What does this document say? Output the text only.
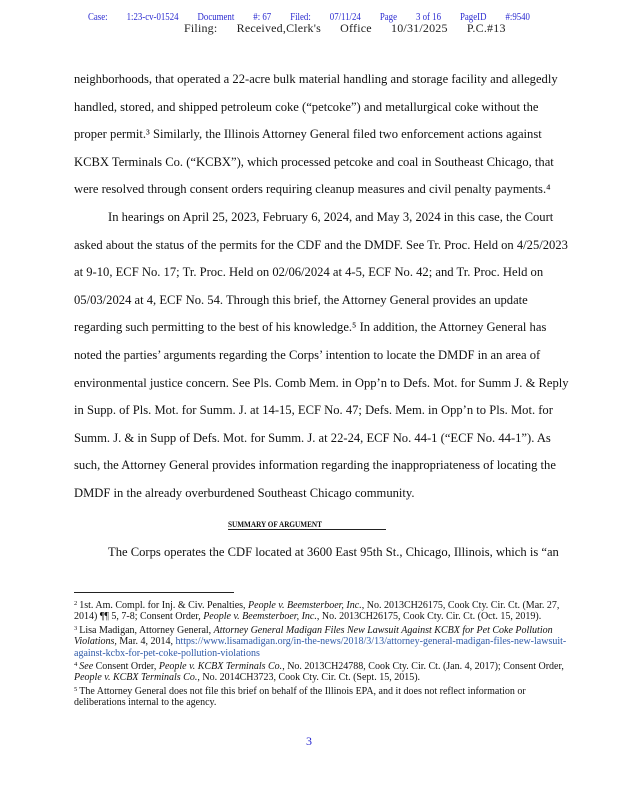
Case: 1:23-cv-01524 Document #: 67 Filed: 07/11/24 Page 3 of 16 PageID #:9540
Filing: Received,Clerk's Office 10/31/2025 P.C.#13
neighborhoods, that operated a 22-acre bulk material handling and storage facility and allegedly
handled, stored, and shipped petroleum coke (“petcoke”) and metallurgical coke without the
proper permit.³ Similarly, the Illinois Attorney General filed two enforcement actions against
KCBX Terminals Co. (“KCBX”), which processed petcoke and coal in Southeast Chicago, that
were resolved through consent orders requiring cleanup measures and civil penalty payments.⁴
In hearings on April 25, 2023, February 6, 2024, and May 3, 2024 in this case, the Court
asked about the status of the permits for the CDF and the DMDF. See Tr. Proc. Held on 4/25/2023
at 9-10, ECF No. 17; Tr. Proc. Held on 02/06/2024 at 4-5, ECF No. 42; and Tr. Proc. Held on
05/03/2024 at 4, ECF No. 54. Through this brief, the Attorney General provides an update
regarding such permitting to the best of his knowledge.⁵ In addition, the Attorney General has
noted the parties’ arguments regarding the Corps’ intention to locate the DMDF in an area of
environmental justice concern. See Pls. Comb Mem. in Opp’n to Defs. Mot. for Summ J. & Reply
in Supp. of Pls. Mot. for Summ. J. at 14-15, ECF No. 47; Defs. Mem. in Opp’n to Pls. Mot. for
Summ. J. & in Supp of Defs. Mot. for Summ. J. at 22-24, ECF No. 44-1 (“ECF No. 44-1”). As
such, the Attorney General provides information regarding the inappropriateness of locating the
DMDF in the already overburdened Southeast Chicago community.
SUMMARY OF ARGUMENT
The Corps operates the CDF located at 3600 East 95th St., Chicago, Illinois, which is “an

$^2$ 1st. Am. Compl. for Inj. & Civ. Penalties, People v. Beemsterboer, Inc., No. 2013CH26175, Cook Cty. Cir. Ct. (Mar. 27, 2014) ¶¶ 5, 7-8; Consent Order, People v. Beemsterboer, Inc., No. 2013CH26175, Cook Cty. Cir. Ct. (Oct. 15, 2019).

$^3$ Lisa Madigan, Attorney General, Attorney General Madigan Files New Lawsuit Against KCBX for Pet Coke Pollution Violations, Mar. 4, 2014, https://www.lisamadigan.org/in-the-news/2018/3/13/attorney-general-madigan-files-new-lawsuit-against-kcbx-for-pet-coke-pollution-violations

$^4$ See Consent Order, People v. KCBX Terminals Co., No. 2013CH24788, Cook Cty. Cir. Ct. (Jan. 4, 2017); Consent Order, People v. KCBX Terminals Co., No. 2014CH3723, Cook Cty. Cir. Ct. (Sept. 15, 2015).

$^5$ The Attorney General does not file this brief on behalf of the Illinois EPA, and it does not reflect information or deliberations internal to the agency.

3
